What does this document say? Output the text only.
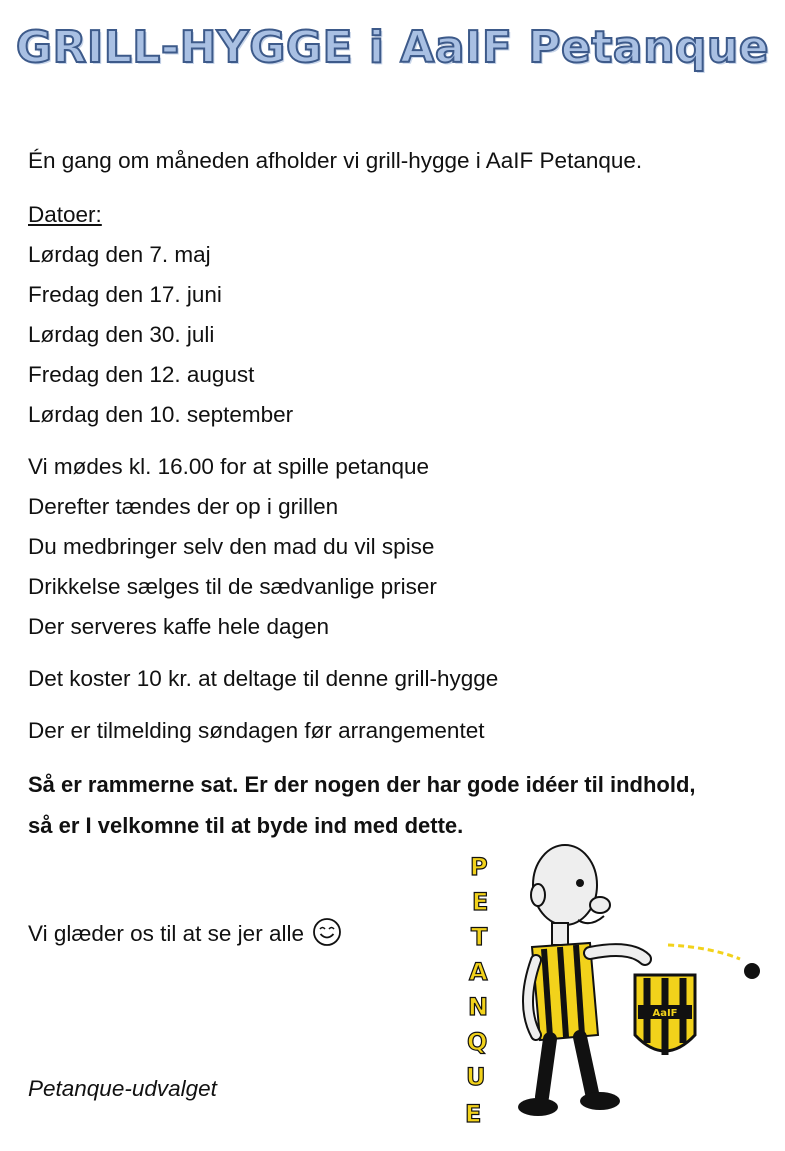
GRILL-HYGGE i AaIF Petanque
Én gang om måneden afholder vi grill-hygge i AaIF Petanque.
Datoer:
Lørdag den 7. maj
Fredag den 17. juni
Lørdag den 30. juli
Fredag den 12. august
Lørdag den 10. september
Vi mødes kl. 16.00 for at spille petanque
Derefter tændes der op i grillen
Du medbringer selv den mad du vil spise
Drikkelse sælges til de sædvanlige priser
Der serveres kaffe hele dagen
Det koster 10 kr. at deltage til denne grill-hygge
Der er tilmelding søndagen før arrangementet
Så er rammerne sat. Er der nogen der har gode idéer til indhold,
så er I velkomne til at byde ind med dette.
Vi glæder os til at se jer alle
Petanque-udvalget
P
E
T
A
N
Q
U
E
AaIF
